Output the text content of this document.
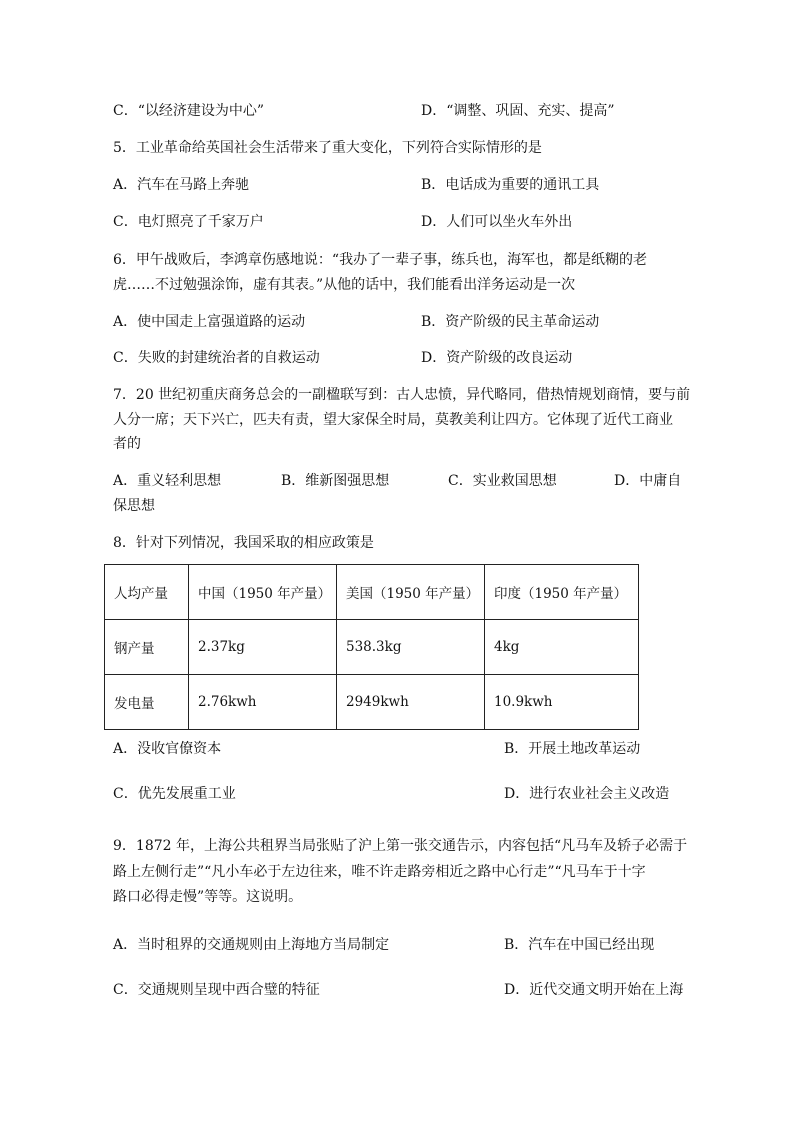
C．“以经济建设为中心”	D．“调整、巩固、充实、提高”
5．工业革命给英国社会生活带来了重大变化，下列符合实际情形的是
A．汽车在马路上奔驰	B．电话成为重要的通讯工具
C．电灯照亮了千家万户	D．人们可以坐火车外出
6．甲午战败后，李鸿章伤感地说：“我办了一辈子事，练兵也，海军也，都是纸糊的老
虎……不过勉强涂饰，虚有其表。”从他的话中，我们能看出洋务运动是一次
A．使中国走上富强道路的运动	B．资产阶级的民主革命运动
C．失败的封建统治者的自救运动	D．资产阶级的改良运动
7．20 世纪初重庆商务总会的一副楹联写到：古人忠愤，异代略同，借热情规划商情，要与前
人分一席；天下兴亡，匹夫有责，望大家保全时局，莫教美利让四方。它体现了近代工商业
者的
A．重义轻利思想	B．维新图强思想	C．实业救国思想	D．中庸自
保思想
8．针对下列情况，我国采取的相应政策是
人均产量	中国（1950 年产量）	美国（1950 年产量）	印度（1950 年产量）
钢产量	2.37kg	538.3kg	4kg
发电量	2.76kwh	2949kwh	10.9kwh
A．没收官僚资本	B．开展土地改革运动
C．优先发展重工业	D．进行农业社会主义改造
9．1872 年，上海公共租界当局张贴了沪上第一张交通告示，内容包括“凡马车及轿子必需于
路上左侧行走”“凡小车必于左边往来，唯不许走路旁相近之路中心行走”“凡马车于十字
路口必得走慢”等等。这说明。
A．当时租界的交通规则由上海地方当局制定	B．汽车在中国已经出现
C．交通规则呈现中西合璧的特征	D．近代交通文明开始在上海
